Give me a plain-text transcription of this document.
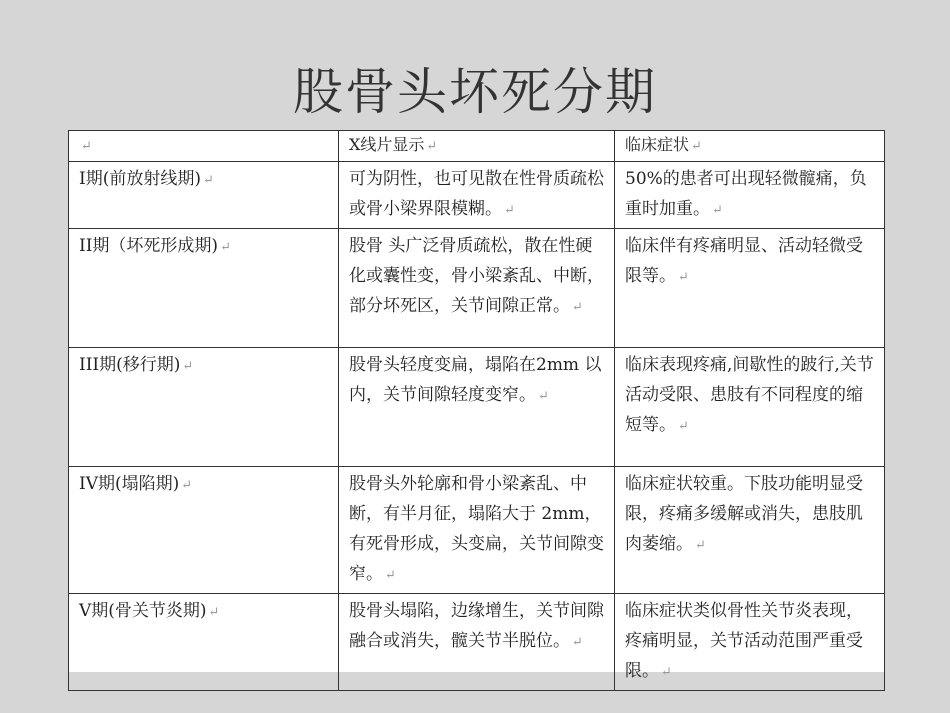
股骨头坏死分期
↵	X线片显示 ↵	临床症状 ↵
I期(前放射线期) ↵	可为阴性，也可见散在性骨质疏松或骨小梁界限模糊。 ↵	50%的患者可出现轻微髋痛，负重时加重。 ↵
II期（坏死形成期) ↵	股骨 头广泛骨质疏松，散在性硬化或囊性变，骨小梁紊乱、中断，部分坏死区，关节间隙正常。 ↵	临床伴有疼痛明显、活动轻微受限等。 ↵
III期(移行期) ↵	股骨头轻度变扁，塌陷在2mm 以内，关节间隙轻度变窄。 ↵	临床表现疼痛,间歇性的跛行,关节 活动受限、患肢有不同程度的缩短等。 ↵
IV期(塌陷期) ↵	股骨头外轮廓和骨小梁紊乱、中断，有半月征，塌陷大于 2mm，有死骨形成，头变扁，关节间隙变窄。 ↵	临床症状较重。下肢功能明显受限，疼痛多缓解或消失，患肢肌肉萎缩。 ↵
V期(骨关节炎期) ↵	股骨头塌陷，边缘增生，关节间隙融合或消失，髋关节半脱位。 ↵	临床症状类似骨性关节炎表现，疼痛明显，关节活动范围严重受限。 ↵
